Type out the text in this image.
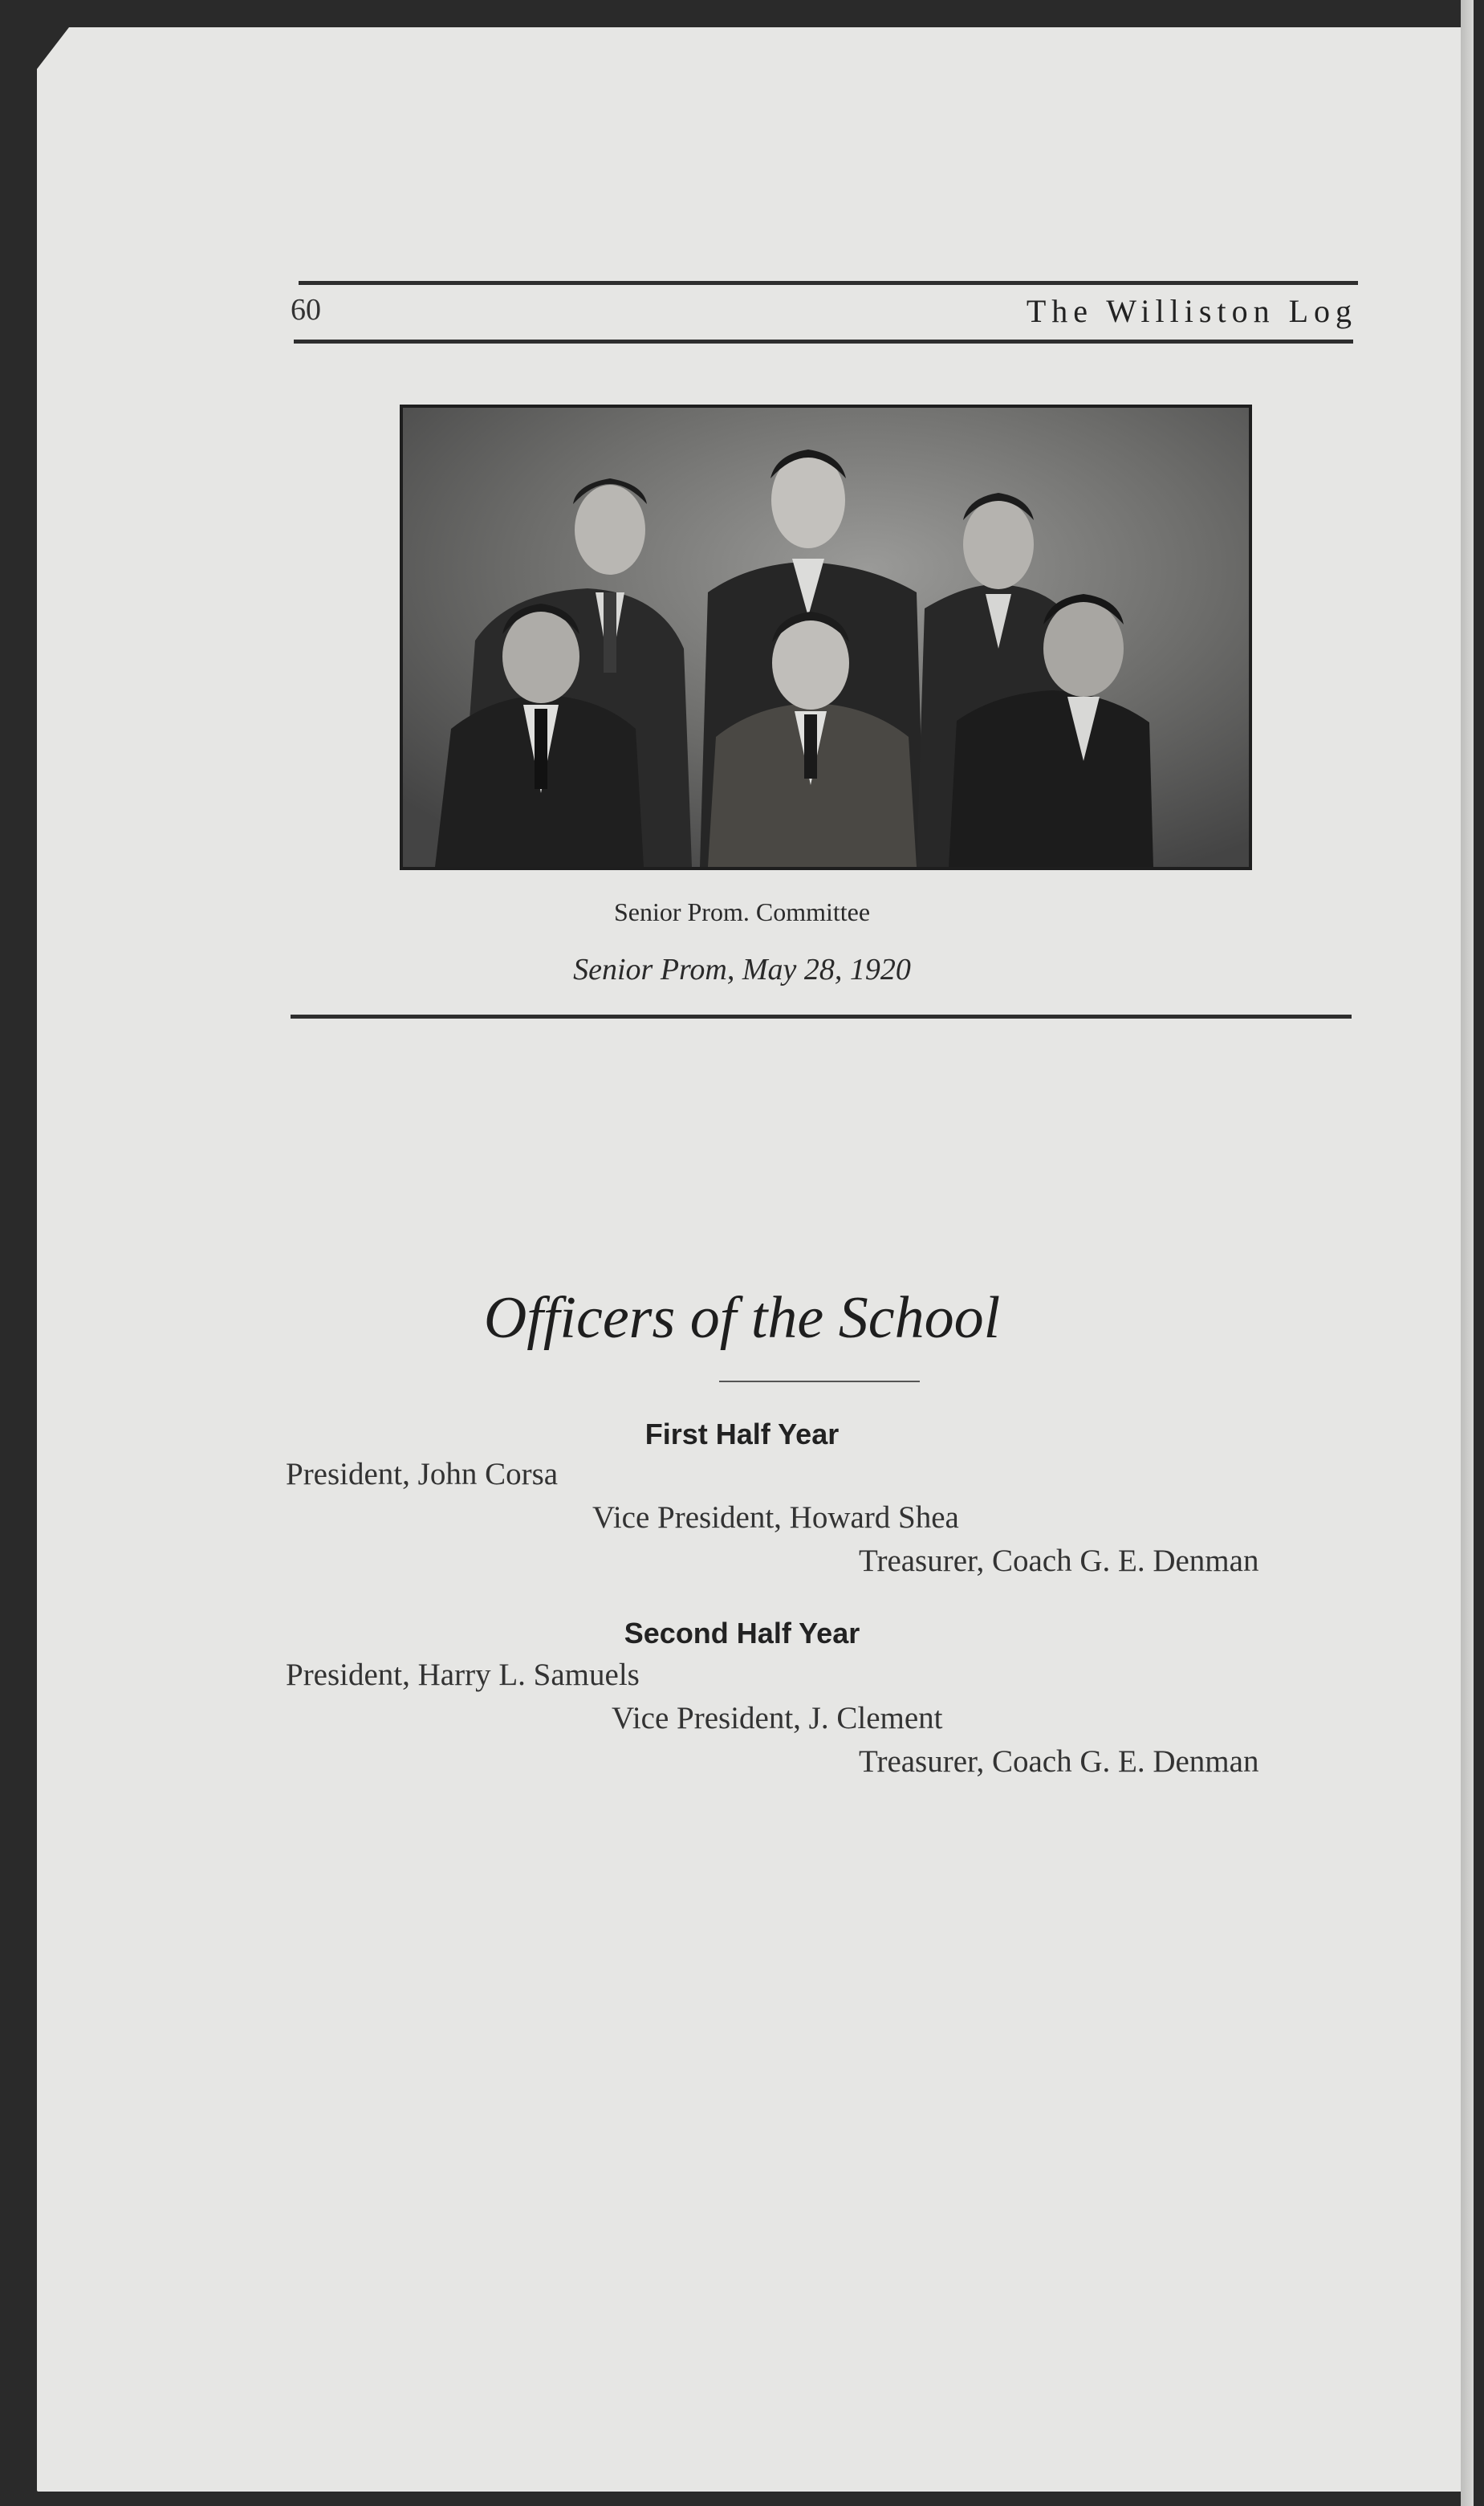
60	The Williston Log
Senior Prom. Committee
Senior Prom, May 28, 1920
Officers of the School
First Half Year
President, John Corsa
Vice President, Howard Shea
Treasurer, Coach G. E. Denman
Second Half Year
President, Harry L. Samuels
Vice President, J. Clement
Treasurer, Coach G. E. Denman
